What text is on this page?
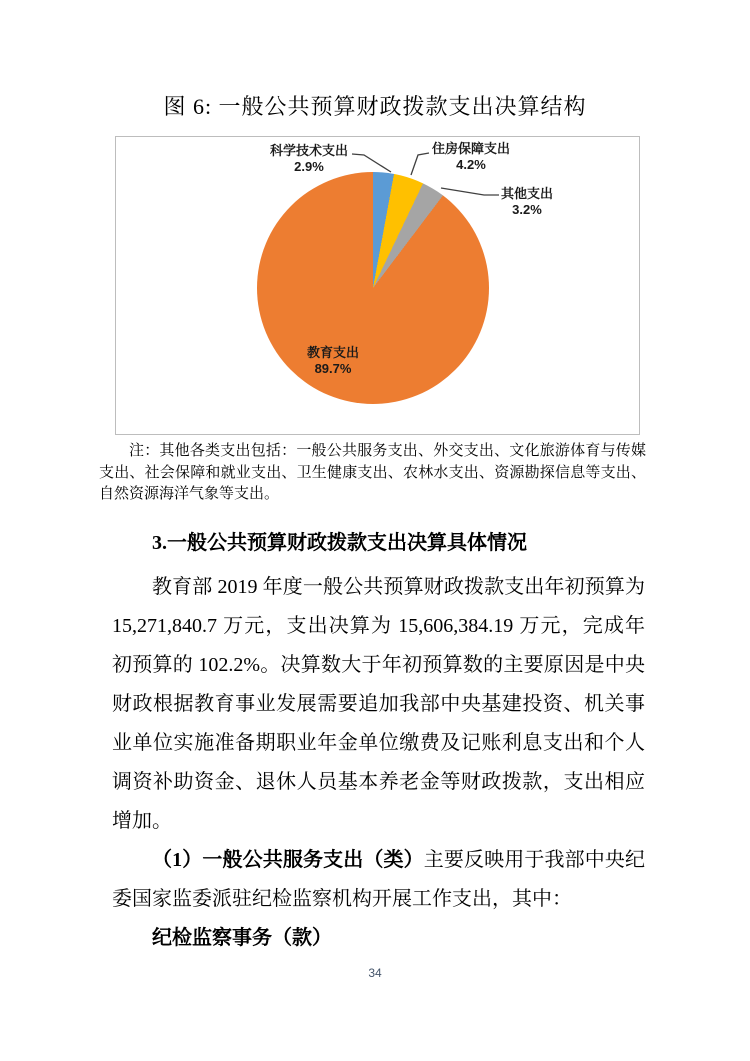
图 6: 一般公共预算财政拨款支出决算结构
科学技术支出
2.9%
住房保障支出
4.2%
其他支出
3.2%
教育支出
89.7%
注：其他各类支出包括：一般公共服务支出、外交支出、文化旅游体育与传媒支出、社会保障和就业支出、卫生健康支出、农林水支出、资源勘探信息等支出、自然资源海洋气象等支出。
3.一般公共预算财政拨款支出决算具体情况

教育部 2019 年度一般公共预算财政拨款支出年初预算为 15,271,840.7 万元，支出决算为 15,606,384.19 万元，完成年初预算的 102.2%。决算数大于年初预算数的主要原因是中央财政根据教育事业发展需要追加我部中央基建投资、机关事业单位实施准备期职业年金单位缴费及记账利息支出和个人调资补助资金、退休人员基本养老金等财政拨款，支出相应增加。

（1）一般公共服务支出（类）主要反映用于我部中央纪委国家监委派驻纪检监察机构开展工作支出，其中：

纪检监察事务（款）

34
